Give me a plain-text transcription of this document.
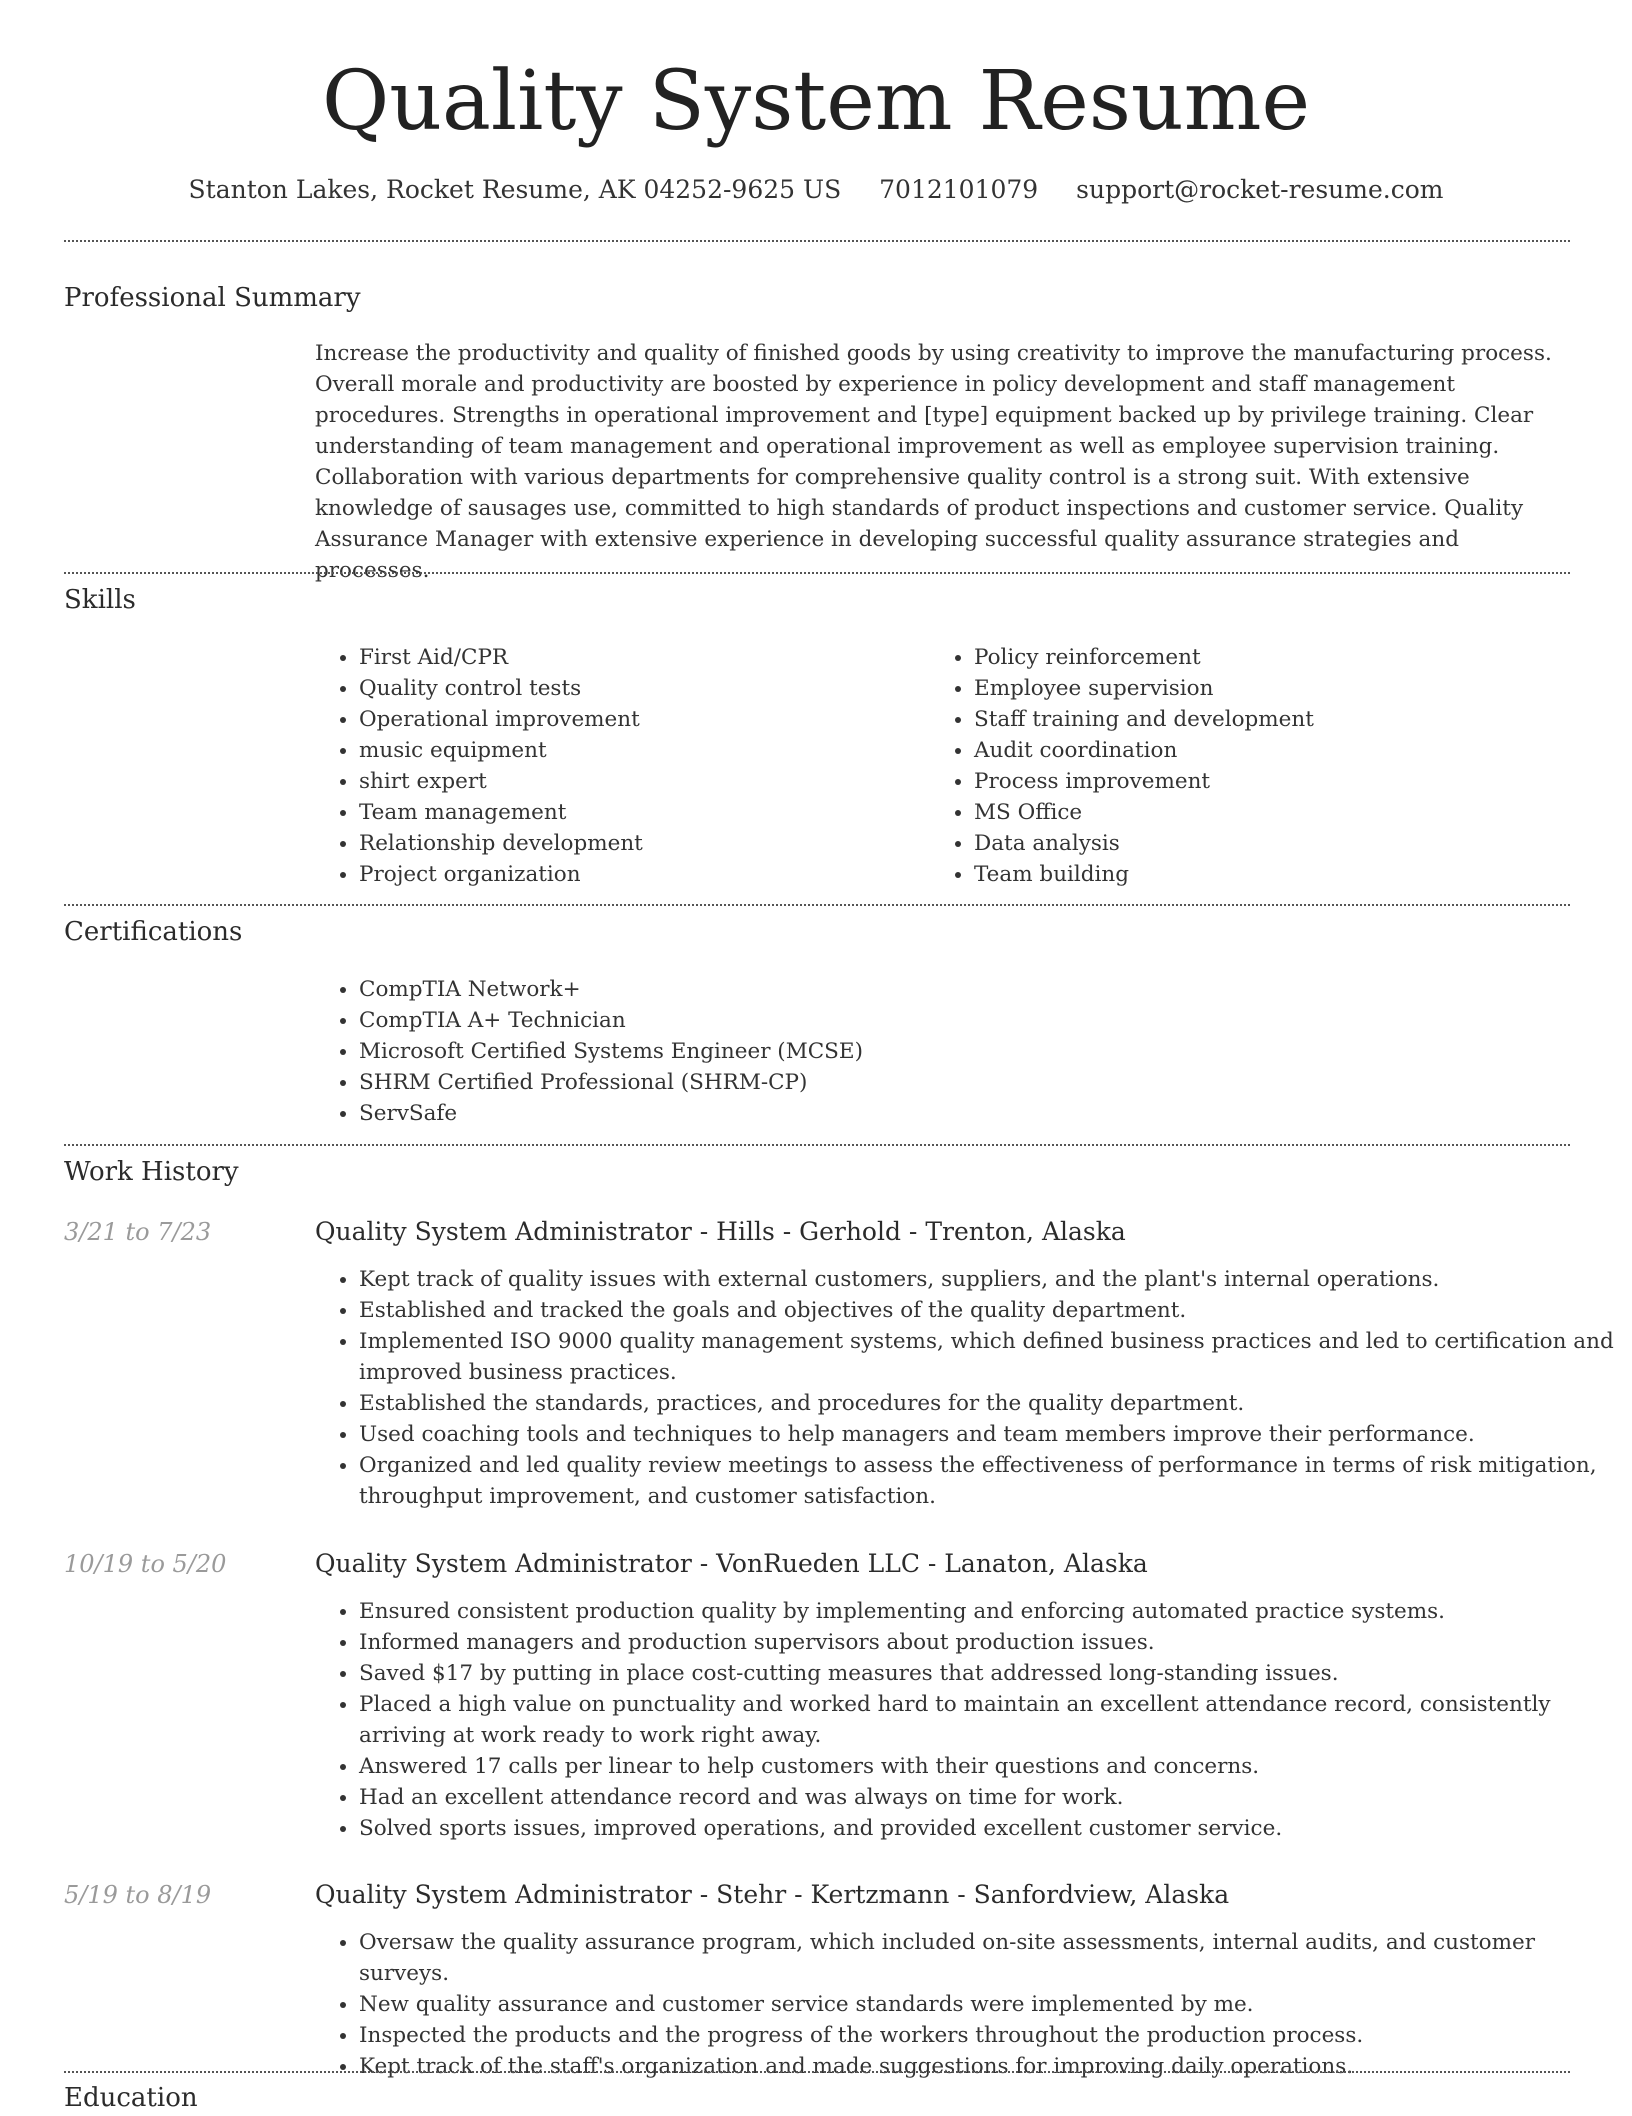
Quality System Resume
Stanton Lakes, Rocket Resume, AK 04252-9625 US 7012101079 support@rocket-resume.com
Professional Summary
Increase the productivity and quality of finished goods by using creativity to improve the manufacturing process. Overall morale and productivity are boosted by experience in policy development and staff management procedures. Strengths in operational improvement and [type] equipment backed up by privilege training. Clear understanding of team management and operational improvement as well as employee supervision training. Collaboration with various departments for comprehensive quality control is a strong suit. With extensive knowledge of sausages use, committed to high standards of product inspections and customer service. Quality Assurance Manager with extensive experience in developing successful quality assurance strategies and processes.
Skills
• First Aid/CPR
• Quality control tests
• Operational improvement
• music equipment
• shirt expert
• Team management
• Relationship development
• Project organization
• Policy reinforcement
• Employee supervision
• Staff training and development
• Audit coordination
• Process improvement
• MS Office
• Data analysis
• Team building
Certifications
• CompTIA Network+
• CompTIA A+ Technician
• Microsoft Certified Systems Engineer (MCSE)
• SHRM Certified Professional (SHRM-CP)
• ServSafe
Work History
3/21 to 7/23	Quality System Administrator - Hills - Gerhold - Trenton, Alaska
• Kept track of quality issues with external customers, suppliers, and the plant's internal operations.
• Established and tracked the goals and objectives of the quality department.
• Implemented ISO 9000 quality management systems, which defined business practices and led to certification and improved business practices.
• Established the standards, practices, and procedures for the quality department.
• Used coaching tools and techniques to help managers and team members improve their performance.
• Organized and led quality review meetings to assess the effectiveness of performance in terms of risk mitigation, throughput improvement, and customer satisfaction.
10/19 to 5/20	Quality System Administrator - VonRueden LLC - Lanaton, Alaska
• Ensured consistent production quality by implementing and enforcing automated practice systems.
• Informed managers and production supervisors about production issues.
• Saved $17 by putting in place cost-cutting measures that addressed long-standing issues.
• Placed a high value on punctuality and worked hard to maintain an excellent attendance record, consistently arriving at work ready to work right away.
• Answered 17 calls per linear to help customers with their questions and concerns.
• Had an excellent attendance record and was always on time for work.
• Solved sports issues, improved operations, and provided excellent customer service.
5/19 to 8/19	Quality System Administrator - Stehr - Kertzmann - Sanfordview, Alaska
• Oversaw the quality assurance program, which included on-site assessments, internal audits, and customer surveys.
• New quality assurance and customer service standards were implemented by me.
• Inspected the products and the progress of the workers throughout the production process.
• Kept track of the staff's organization and made suggestions for improving daily operations.
Education
